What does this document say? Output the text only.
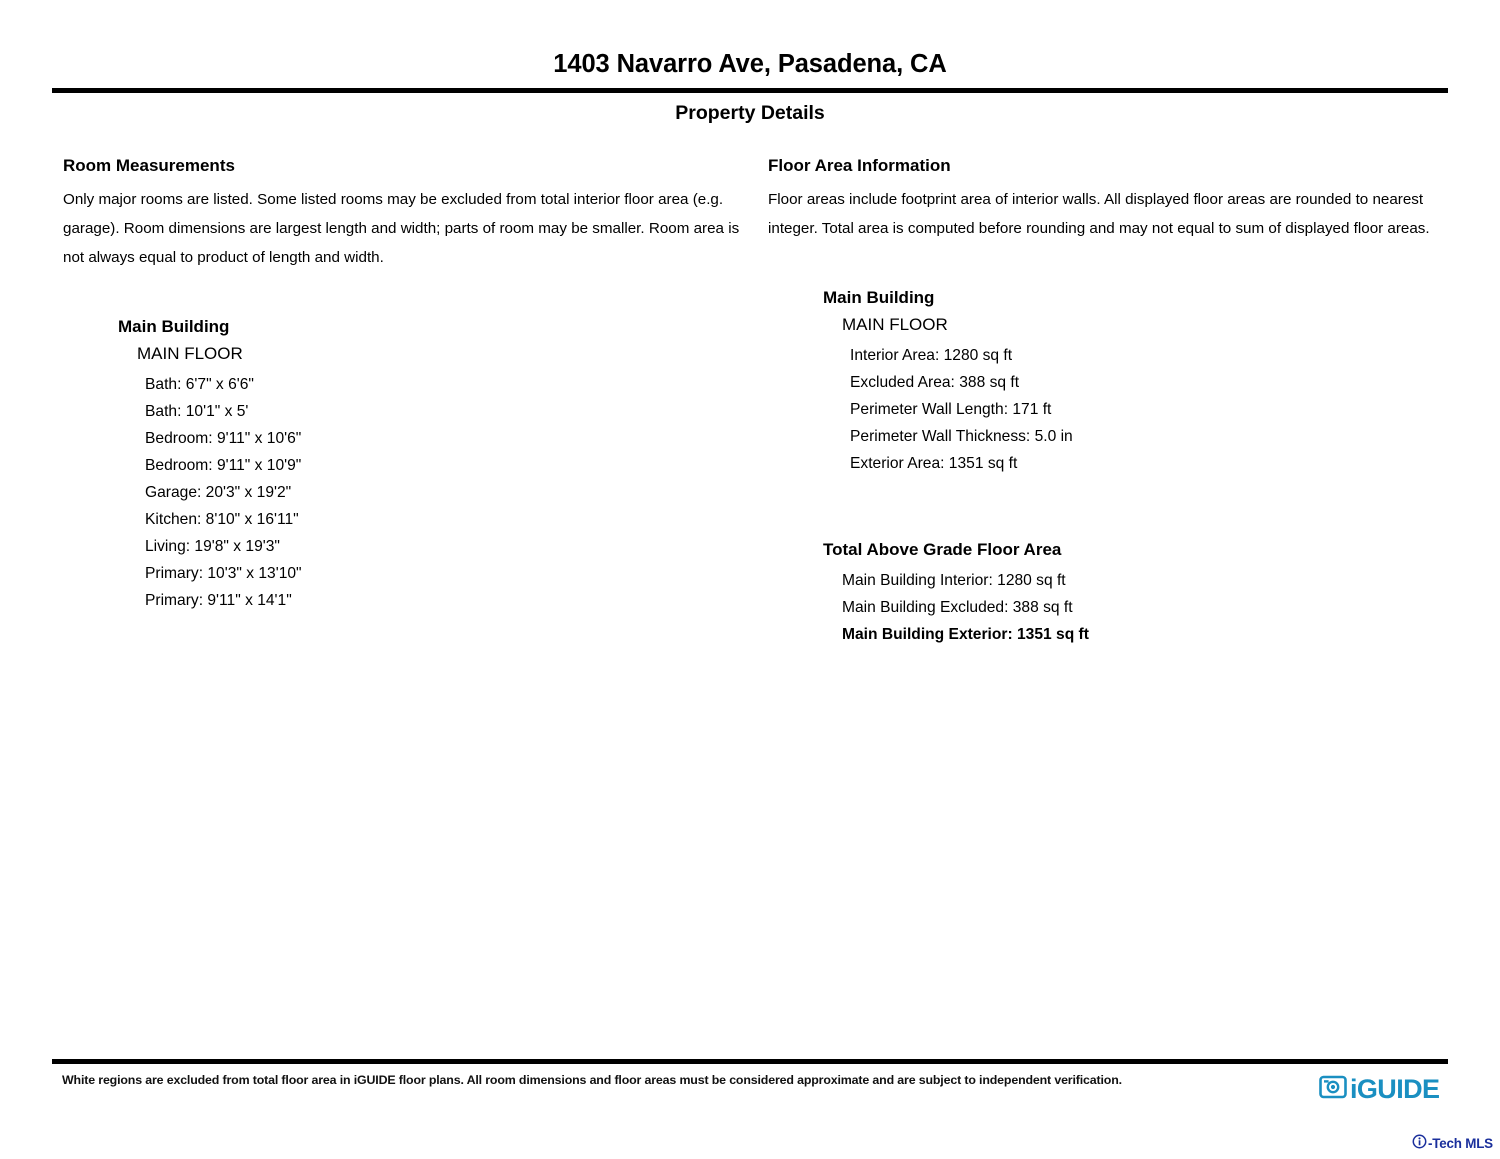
1403 Navarro Ave, Pasadena, CA
Property Details
Room Measurements

Only major rooms are listed. Some listed rooms may be excluded from total interior floor area (e.g. garage). Room dimensions are largest length and width; parts of room may be smaller. Room area is not always equal to product of length and width.

Main Building
MAIN FLOOR
Bath: 6'7" x 6'6"
Bath: 10'1" x 5'
Bedroom: 9'11" x 10'6"
Bedroom: 9'11" x 10'9"
Garage: 20'3" x 19'2"
Kitchen: 8'10" x 16'11"
Living: 19'8" x 19'3"
Primary: 10'3" x 13'10"
Primary: 9'11" x 14'1"
Floor Area Information

Floor areas include footprint area of interior walls. All displayed floor areas are rounded to nearest integer. Total area is computed before rounding and may not equal to sum of displayed floor areas.

Main Building
MAIN FLOOR
Interior Area: 1280 sq ft
Excluded Area: 388 sq ft
Perimeter Wall Length: 171 ft
Perimeter Wall Thickness: 5.0 in
Exterior Area: 1351 sq ft
Total Above Grade Floor Area
Main Building Interior: 1280 sq ft
Main Building Excluded: 388 sq ft
Main Building Exterior: 1351 sq ft
White regions are excluded from total floor area in iGUIDE floor plans. All room dimensions and floor areas must be considered approximate and are subject to independent verification.	iGUIDE
-Tech MLS
